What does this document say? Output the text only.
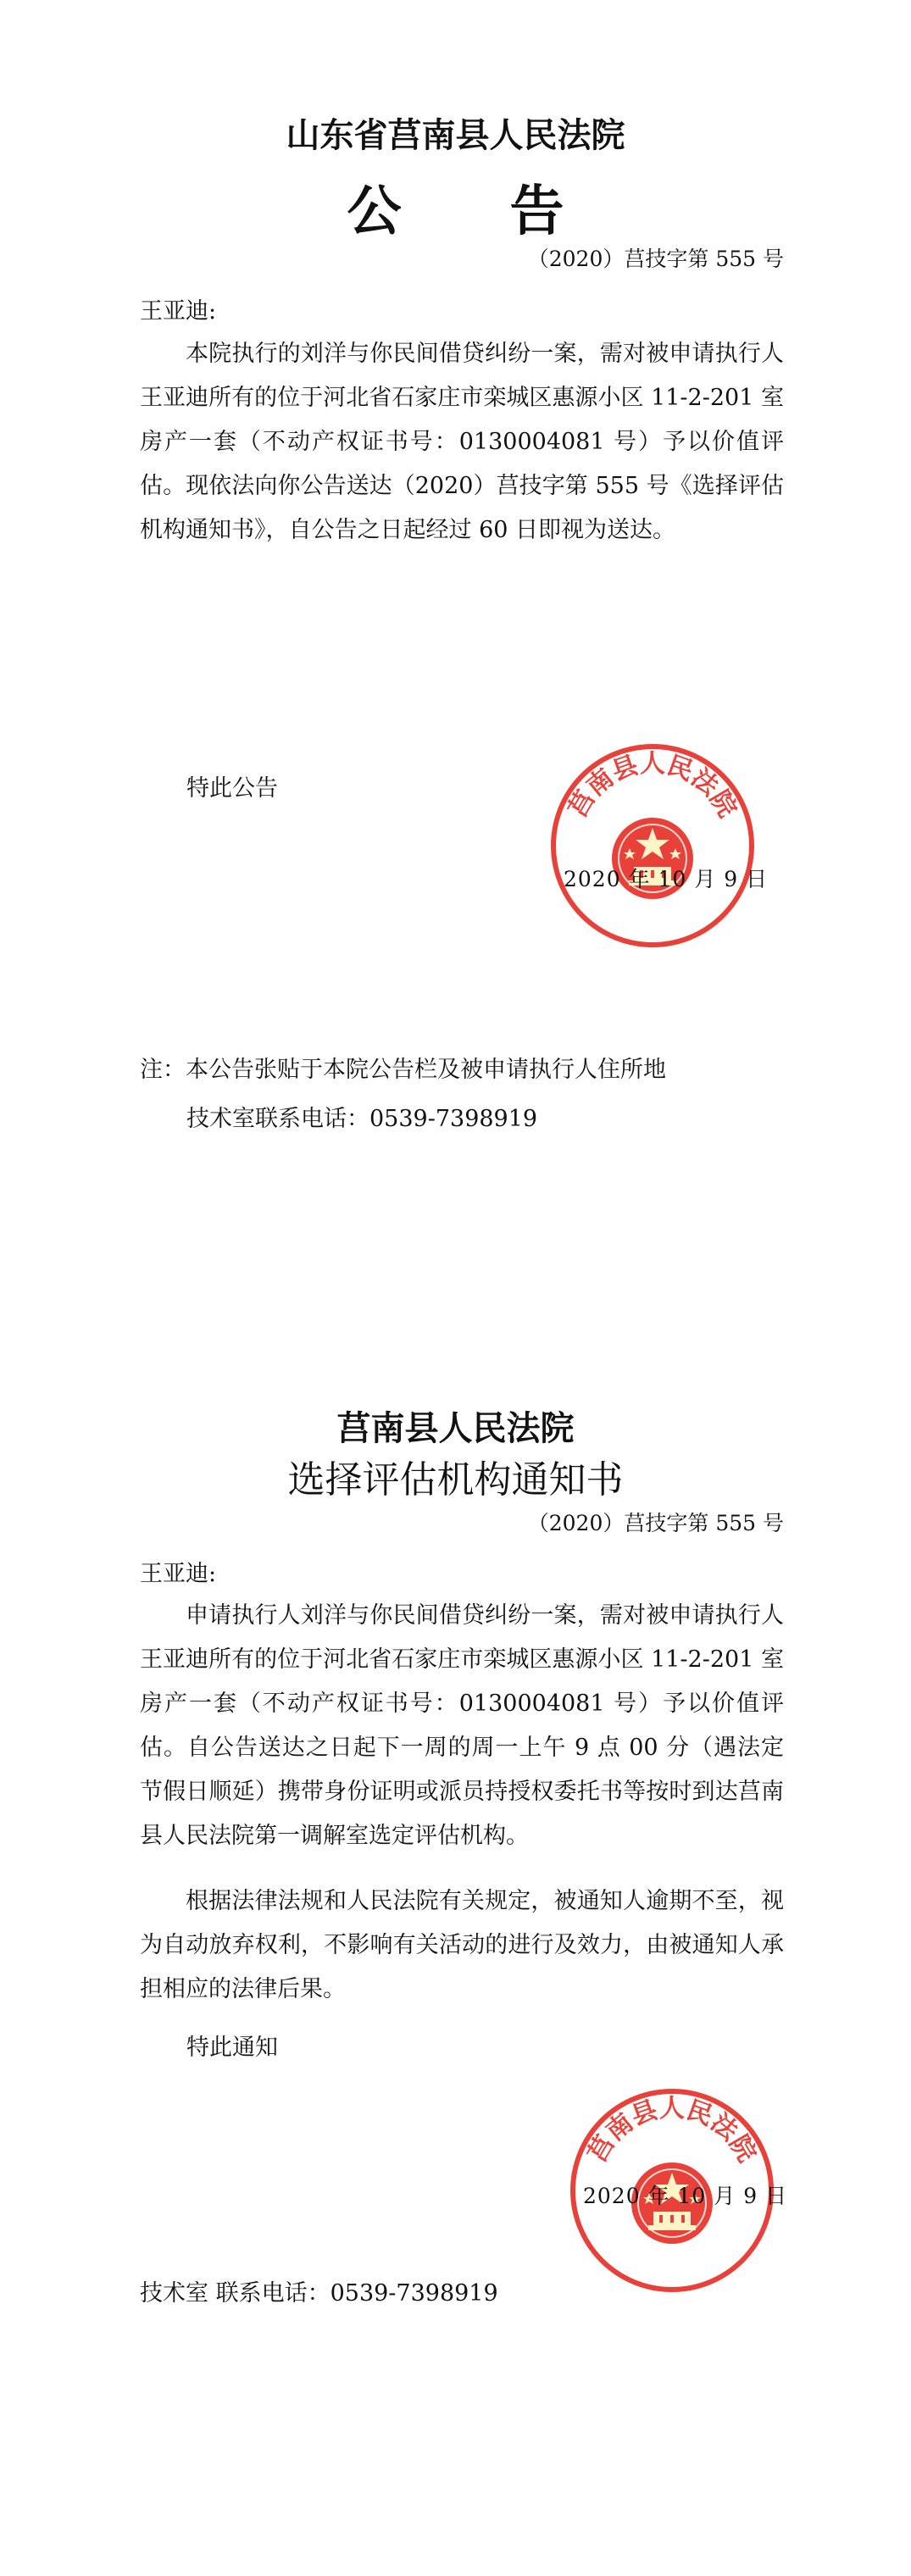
山东省莒南县人民法院
公　　告
（2020）莒技字第 555 号
王亚迪:

本院执行的刘洋与你民间借贷纠纷一案，需对被申请执行人王亚迪所有的位于河北省石家庄市栾城区惠源小区 11-2-201 室房产一套（不动产权证书号：0130004081 号）予以价值评估。现依法向你公告送达（2020）莒技字第 555 号《选择评估机构通知书》，自公告之日起经过 60 日即视为送达。

特此公告	莒南县人民法院
2020 年 10 月 9 日
注：本公告张贴于本院公告栏及被申请执行人住所地
技术室联系电话：0539-7398919
莒南县人民法院
选择评估机构通知书
（2020）莒技字第 555 号
王亚迪:

申请执行人刘洋与你民间借贷纠纷一案，需对被申请执行人王亚迪所有的位于河北省石家庄市栾城区惠源小区 11-2-201 室房产一套（不动产权证书号：0130004081 号）予以价值评估。自公告送达之日起下一周的周一上午 9 点 00 分（遇法定节假日顺延）携带身份证明或派员持授权委托书等按时到达莒南县人民法院第一调解室选定评估机构。

根据法律法规和人民法院有关规定，被通知人逾期不至，视为自动放弃权利，不影响有关活动的进行及效力，由被通知人承担相应的法律后果。

特此通知
莒南县人民法院
2020 年 10 月 9 日
技术室 联系电话：0539-7398919
